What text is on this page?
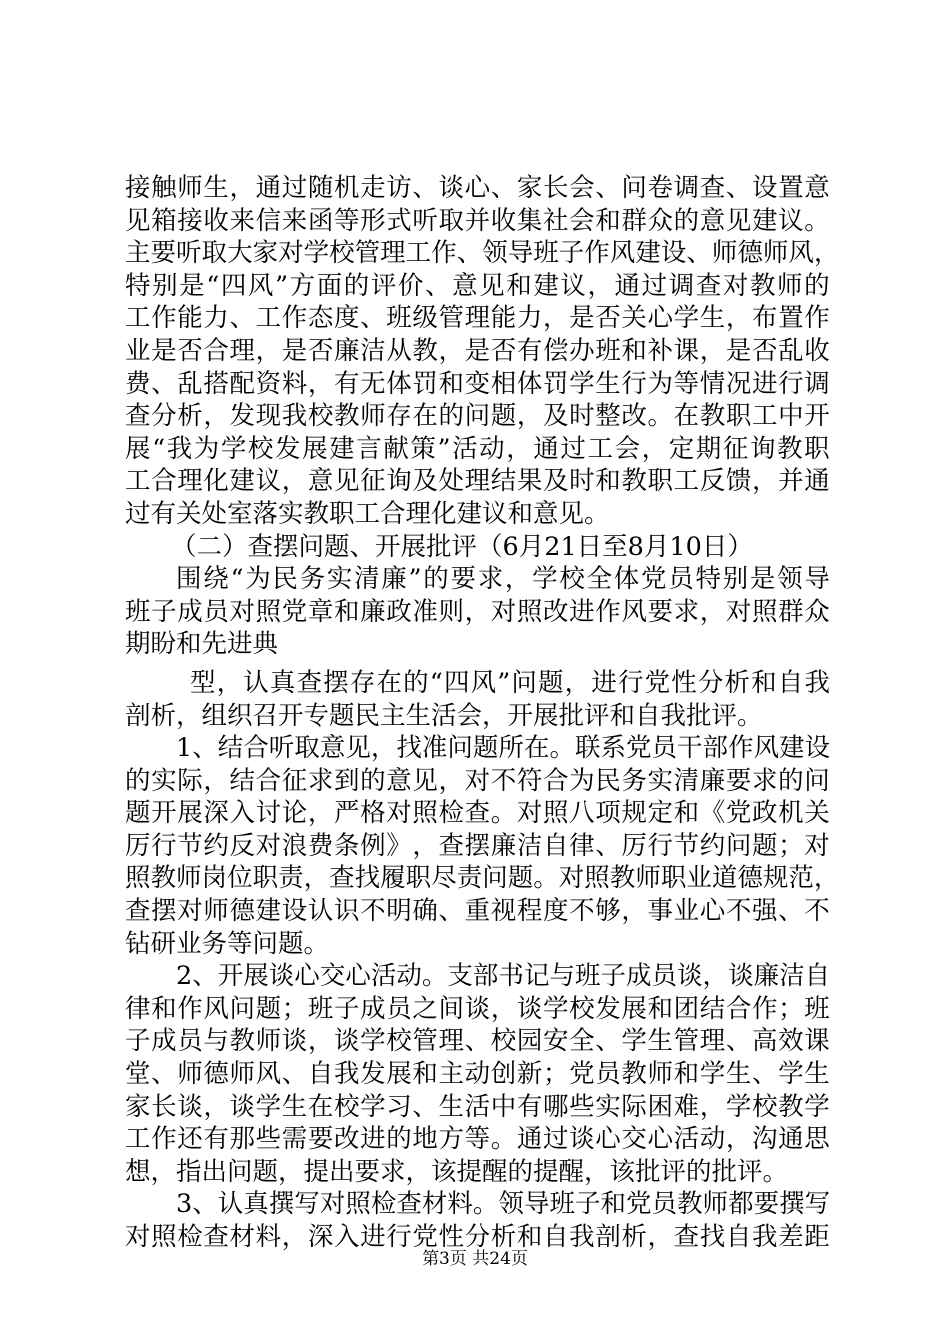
接 触 师 生 ， 通 过 随 机 走 访 、 谈 心 、 家 长 会 、 问 卷 调 查 、 设 置 意
见 箱 接 收 来 信 来 函 等 形 式 听 取 并 收 集 社 会 和 群 众 的 意 见 建 议 。
主 要 听 取 大 家 对 学 校 管 理 工 作 、 领 导 班 子 作 风 建 设 、 师 德 师 风 ，
特 别 是 “ 四 风 ” 方 面 的 评 价 、 意 见 和 建 议 ， 通 过 调 查 对 教 师 的
工 作 能 力 、 工 作 态 度 、 班 级 管 理 能 力 ， 是 否 关 心 学 生 ， 布 置 作
业 是 否 合 理 ， 是 否 廉 洁 从 教 ， 是 否 有 偿 办 班 和 补 课 ， 是 否 乱 收
费 、 乱 搭 配 资 料 ， 有 无 体 罚 和 变 相 体 罚 学 生 行 为 等 情 况 进 行 调
查 分 析 ， 发 现 我 校 教 师 存 在 的 问 题 ， 及 时 整 改 。 在 教 职 工 中 开
展 “ 我 为 学 校 发 展 建 言 献 策 ” 活 动 ， 通 过 工 会 ， 定 期 征 询 教 职
工 合 理 化 建 议 ， 意 见 征 询 及 处 理 结 果 及 时 和 教 职 工 反 馈 ， 并 通
过有关处室落实教职工合理化建议和意见。
（二）查摆问题、开展批评（6月21日至8月10日）
围 绕 “ 为 民 务 实 清 廉 ” 的 要 求 ， 学 校 全 体 党 员 特 别 是 领 导
班 子 成 员 对 照 党 章 和 廉 政 准 则 ， 对 照 改 进 作 风 要 求 ， 对 照 群 众
期盼和先进典
型 ， 认 真 查 摆 存 在 的 “ 四 风 ” 问 题 ， 进 行 党 性 分 析 和 自 我
剖析，组织召开专题民主生活会，开展批评和自我批评。
1 、 结 合 听 取 意 见 ， 找 准 问 题 所 在 。 联 系 党 员 干 部 作 风 建 设
的 实 际 ， 结 合 征 求 到 的 意 见 ， 对 不 符 合 为 民 务 实 清 廉 要 求 的 问
题 开 展 深 入 讨 论 ， 严 格 对 照 检 查 。 对 照 八 项 规 定 和 《 党 政 机 关
厉 行 节 约 反 对 浪 费 条 例 》 ， 查 摆 廉 洁 自 律 、 厉 行 节 约 问 题 ； 对
照 教 师 岗 位 职 责 ， 查 找 履 职 尽 责 问 题 。 对 照 教 师 职 业 道 德 规 范 ，
查 摆 对 师 德 建 设 认 识 不 明 确 、 重 视 程 度 不 够 ， 事 业 心 不 强 、 不
钻研业务等问题。
2 、 开 展 谈 心 交 心 活 动 。 支 部 书 记 与 班 子 成 员 谈 ， 谈 廉 洁 自
律 和 作 风 问 题 ； 班 子 成 员 之 间 谈 ， 谈 学 校 发 展 和 团 结 合 作 ； 班
子 成 员 与 教 师 谈 ， 谈 学 校 管 理 、 校 园 安 全 、 学 生 管 理 、 高 效 课
堂 、 师 德 师 风 、 自 我 发 展 和 主 动 创 新 ； 党 员 教 师 和 学 生 、 学 生
家 长 谈 ， 谈 学 生 在 校 学 习 、 生 活 中 有 哪 些 实 际 困 难 ， 学 校 教 学
工 作 还 有 那 些 需 要 改 进 的 地 方 等 。 通 过 谈 心 交 心 活 动 ， 沟 通 思
想，指出问题，提出要求，该提醒的提醒，该批评的批评。
3 、 认 真 撰 写 对 照 检 查 材 料 。 领 导 班 子 和 党 员 教 师 都 要 撰 写
对 照 检 查 材 料 ， 深 入 进 行 党 性 分 析 和 自 我 剖 析 ， 查 找 自 我 差 距
第3页 共24页
